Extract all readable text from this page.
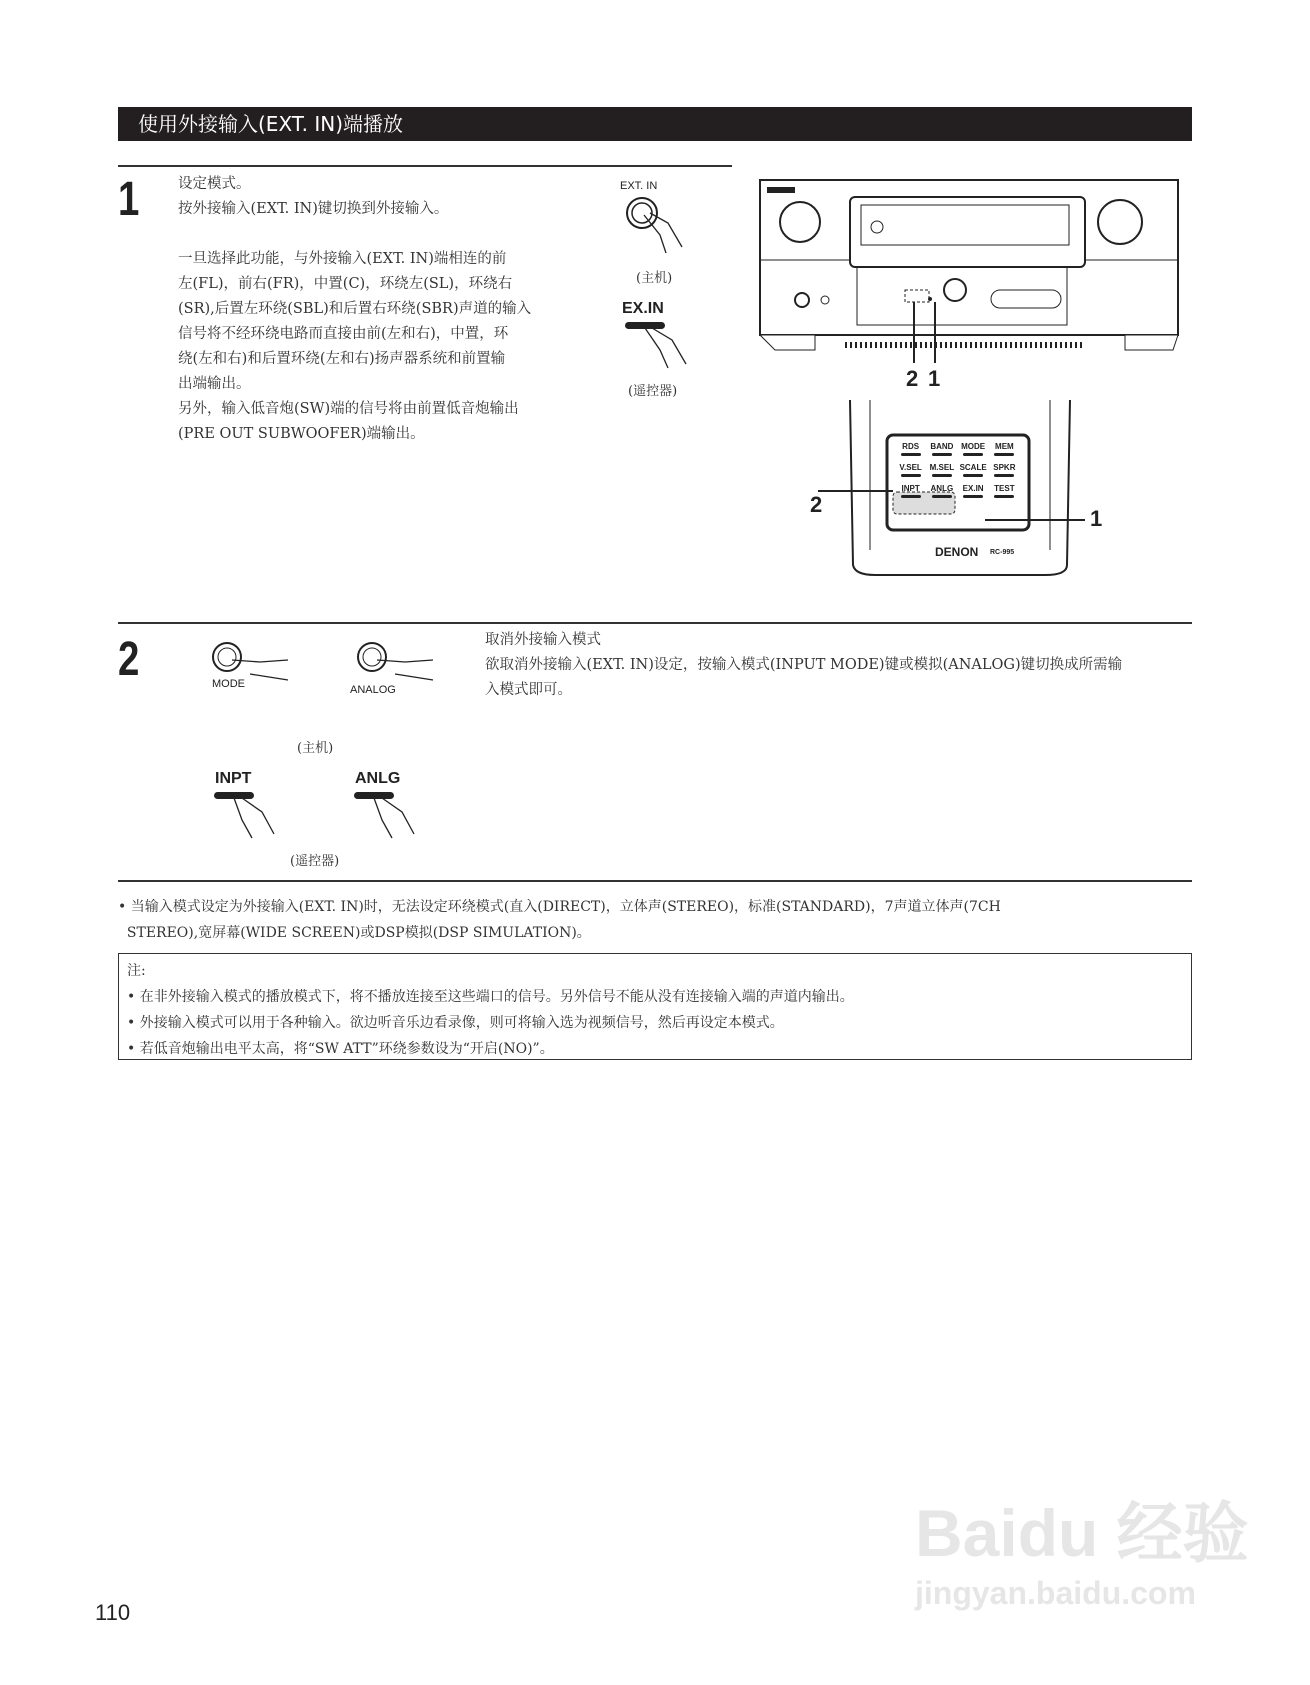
使用外接输入(EXT. IN)端播放
1	设定模式。
按外接输入(EXT. IN)键切换到外接输入。
一旦选择此功能，与外接输入(EXT. IN)端相连的前
左(FL)，前右(FR)，中置(C)，环绕左(SL)，环绕右
(SR),后置左环绕(SBL)和后置右环绕(SBR)声道的输入
信号将不经环绕电路而直接由前(左和右)，中置，环
绕(左和右)和后置环绕(左和右)扬声器系统和前置输
出端输出。
另外，输入低音炮(SW)端的信号将由前置低音炮输出
(PRE OUT SUBWOOFER)端输出。
EXT. IN
(主机)
EX.IN
(遥控器)
2 1
RDS	BAND MODE	MEM
V.SEL M.SEL SCALE SPKR
INPT	ANLG	EX.IN	TEST
2
1
DENON RC-995
2	MODE	ANALOG
(主机)
INPT	ANLG
(遥控器)
取消外接输入模式
欲取消外接输入(EXT. IN)设定，按输入模式(INPUT MODE)键或模拟(ANALOG)键切换成所需输
入模式即可。

• 当输入模式设定为外接输入(EXT. IN)时，无法设定环绕模式(直入(DIRECT)，立体声(STEREO)，标准(STANDARD)，7声道立体声(7CH

STEREO),宽屏幕(WIDE SCREEN)或DSP模拟(DSP SIMULATION)。

注:

• 在非外接输入模式的播放模式下，将不播放连接至这些端口的信号。另外信号不能从没有连接输入端的声道内输出。

• 外接输入模式可以用于各种输入。欲边听音乐边看录像，则可将输入选为视频信号，然后再设定本模式。

• 若低音炮输出电平太高，将“SW ATT”环绕参数设为“开启(NO)”。

Baidu 经验
jingyan.baidu.com
110
